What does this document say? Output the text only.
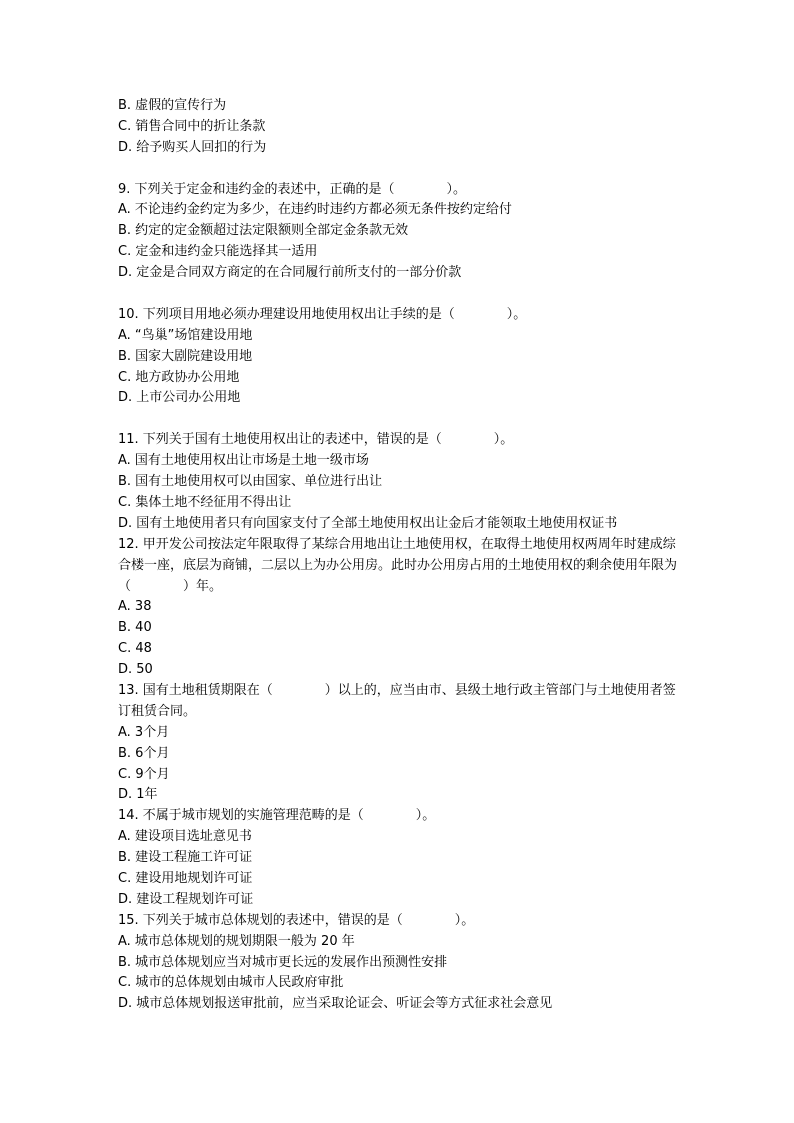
B. 虚假的宣传行为
C. 销售合同中的折让条款
D. 给予购买人回扣的行为
9. 下列关于定金和违约金的表述中，正确的是（　　　　）。
A. 不论违约金约定为多少，在违约时违约方都必须无条件按约定给付
B. 约定的定金额超过法定限额则全部定金条款无效
C. 定金和违约金只能选择其一适用
D. 定金是合同双方商定的在合同履行前所支付的一部分价款
10. 下列项目用地必须办理建设用地使用权出让手续的是（　　　　）。
A. “鸟巢”场馆建设用地
B. 国家大剧院建设用地
C. 地方政协办公用地
D. 上市公司办公用地
11. 下列关于国有土地使用权出让的表述中，错误的是（　　　　）。
A. 国有土地使用权出让市场是土地一级市场
B. 国有土地使用权可以由国家、单位进行出让
C. 集体土地不经征用不得出让
D. 国有土地使用者只有向国家支付了全部土地使用权出让金后才能领取土地使用权证书
12. 甲开发公司按法定年限取得了某综合用地出让土地使用权，在取得土地使用权两周年时建成综合楼一座，底层为商铺，二层以上为办公用房。此时办公用房占用的土地使用权的剩余使用年限为（　　　　）年。
A. 38
B. 40
C. 48
D. 50
13. 国有土地租赁期限在（　　　　）以上的，应当由市、县级土地行政主管部门与土地使用者签订租赁合同。
A. 3个月
B. 6个月
C. 9个月
D. 1年
14. 不属于城市规划的实施管理范畴的是（　　　　）。
A. 建设项目选址意见书
B. 建设工程施工许可证
C. 建设用地规划许可证
D. 建设工程规划许可证
15. 下列关于城市总体规划的表述中，错误的是（　　　　）。
A. 城市总体规划的规划期限一般为 20 年
B. 城市总体规划应当对城市更长远的发展作出预测性安排
C. 城市的总体规划由城市人民政府审批
D. 城市总体规划报送审批前，应当采取论证会、听证会等方式征求社会意见
